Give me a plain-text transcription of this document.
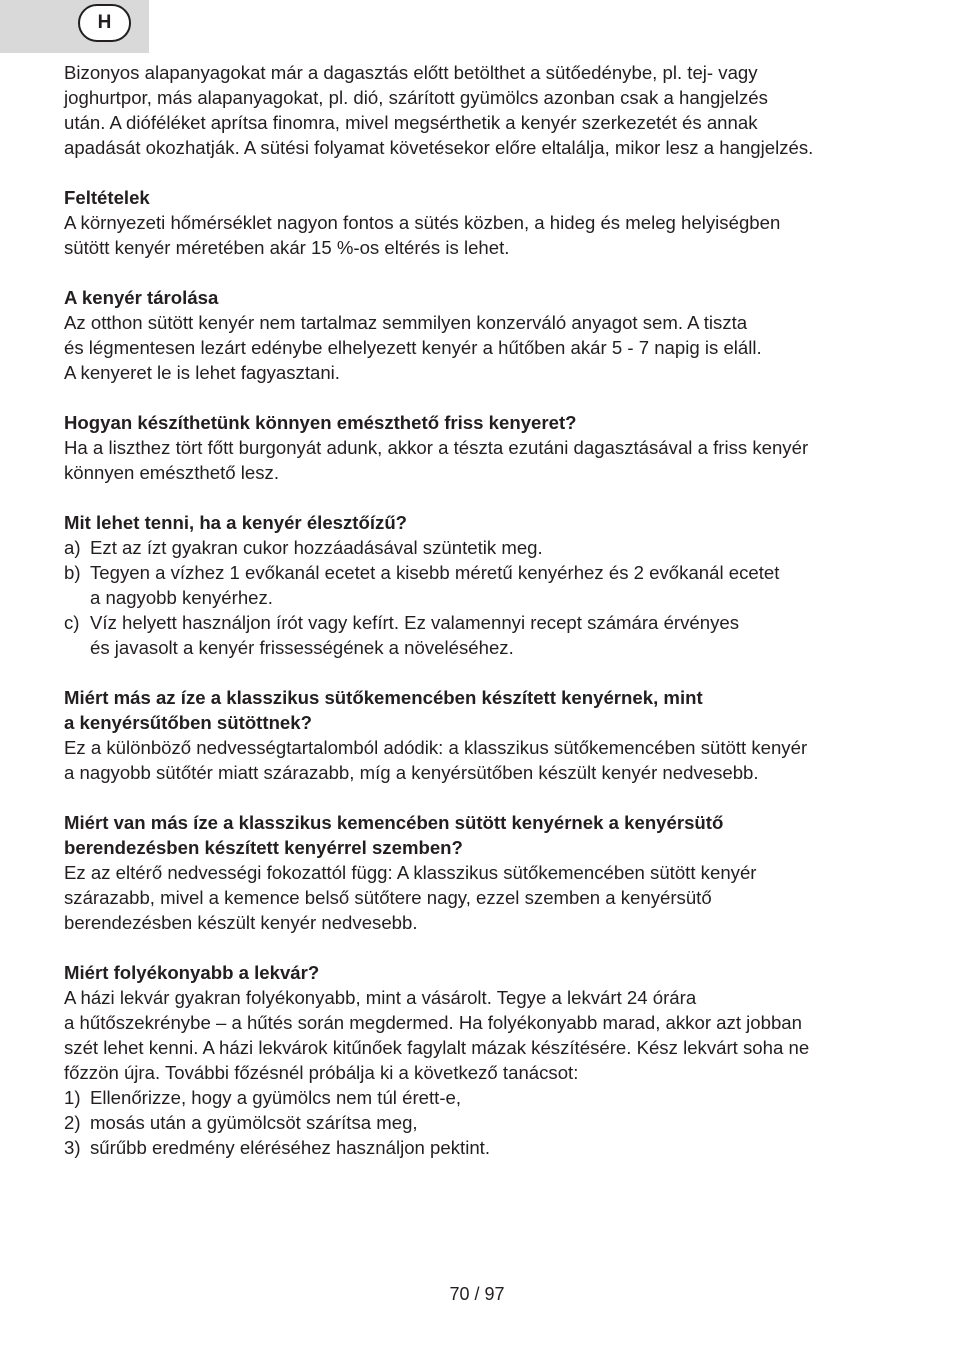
H

Bizonyos alapanyagokat már a dagasztás előtt betölthet a sütőedénybe, pl. tej- vagy
joghurtpor, más alapanyagokat, pl. dió, szárított gyümölcs azonban csak a hangjelzés
után. A dióféléket aprítsa finomra, mivel megsérthetik a kenyér szerkezetét és annak
apadását okozhatják. A sütési folyamat követésekor előre eltalálja, mikor lesz a hangjelzés.

Feltételek

A környezeti hőmérséklet nagyon fontos a sütés közben, a hideg és meleg helyiségben
sütött kenyér méretében akár 15 %-os eltérés is lehet.

A kenyér tárolása

Az otthon sütött kenyér nem tartalmaz semmilyen konzerváló anyagot sem. A tiszta
és légmentesen lezárt edénybe elhelyezett kenyér a hűtőben akár 5 - 7 napig is eláll.
A kenyeret le is lehet fagyasztani.

Hogyan készíthetünk könnyen emészthető friss kenyeret?

Ha a liszthez tört főtt burgonyát adunk, akkor a tészta ezutáni dagasztásával a friss kenyér
könnyen emészthető lesz.

Mit lehet tenni, ha a kenyér élesztőízű?

a) Ezt az ízt gyakran cukor hozzáadásával szüntetik meg.
b) Tegyen a vízhez 1 evőkanál ecetet a kisebb méretű kenyérhez és 2 evőkanál ecetet
a nagyobb kenyérhez.
c) Víz helyett használjon írót vagy kefírt. Ez valamennyi recept számára érvényes
és javasolt a kenyér frissességének a növeléséhez.

Miért más az íze a klasszikus sütőkemencében készített kenyérnek, mint
a kenyérsűtőben sütöttnek?

Ez a különböző nedvességtartalomból adódik: a klasszikus sütőkemencében sütött kenyér
a nagyobb sütőtér miatt szárazabb, míg a kenyérsütőben készült kenyér nedvesebb.

Miért van más íze a klasszikus kemencében sütött kenyérnek a kenyérsütő
berendezésben készített kenyérrel szemben?

Ez az eltérő nedvességi fokozattól függ: A klasszikus sütőkemencében sütött kenyér
szárazabb, mivel a kemence belső sütőtere nagy, ezzel szemben a kenyérsütő
berendezésben készült kenyér nedvesebb.

Miért folyékonyabb a lekvár?

A házi lekvár gyakran folyékonyabb, mint a vásárolt. Tegye a lekvárt 24 órára
a hűtőszekrénybe – a hűtés során megdermed. Ha folyékonyabb marad, akkor azt jobban
szét lehet kenni. A házi lekvárok kitűnőek fagylalt mázak készítésére. Kész lekvárt soha ne
főzzön újra. További főzésnél próbálja ki a következő tanácsot:

1) Ellenőrizze, hogy a gyümölcs nem túl érett-e,
2) mosás után a gyümölcsöt szárítsa meg,
3) sűrűbb eredmény eléréséhez használjon pektint.
70 / 97
